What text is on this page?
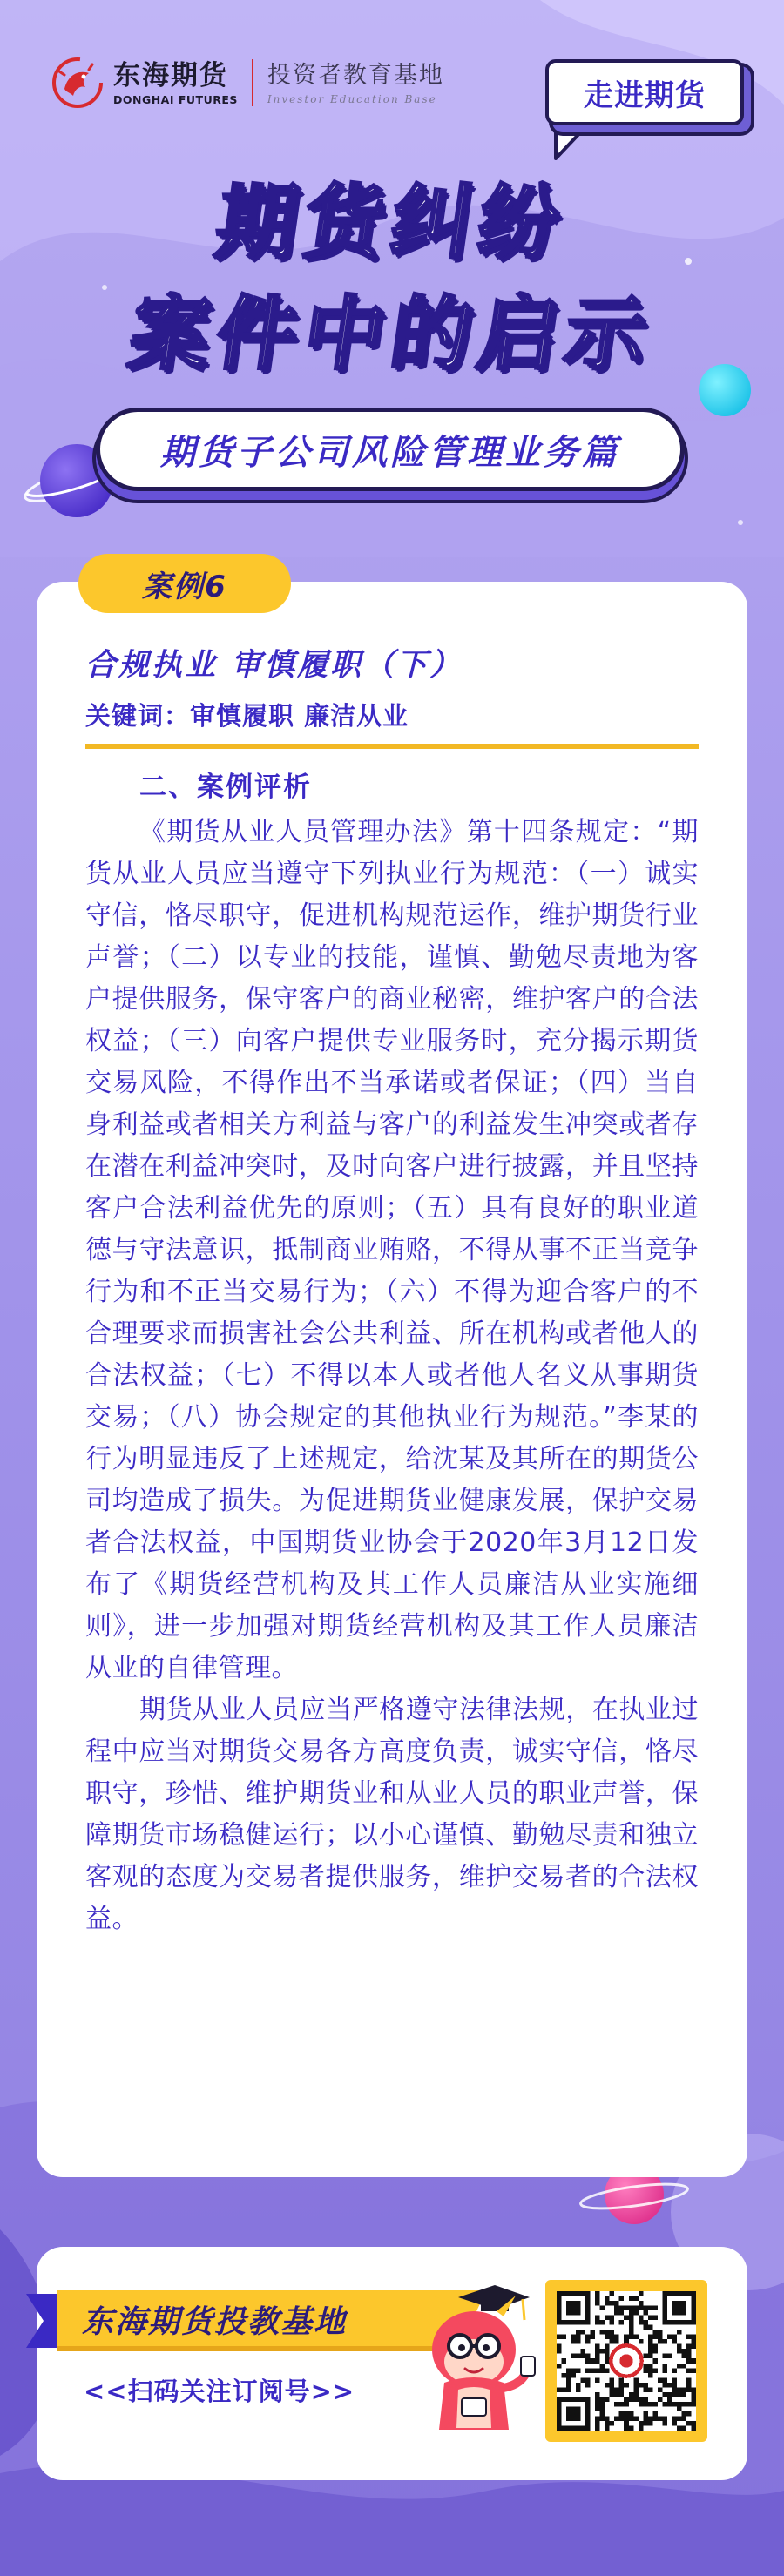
东海期货
DONGHAI FUTURES
投资者教育基地
Investor Education Base	走进期货
期货纠纷
案件中的启示
期货子公司风险管理业务篇
案例6
合规执业 审慎履职（下）
关键词：审慎履职 廉洁从业

二、案例评析

《期货从业人员管理办法》第十四条规定：“期货从业人员应当遵守下列执业行为规范：（一）诚实守信，恪尽职守，促进机构规范运作，维护期货行业声誉；（二）以专业的技能，谨慎、勤勉尽责地为客户提供服务，保守客户的商业秘密，维护客户的合法权益；（三）向客户提供专业服务时，充分揭示期货交易风险，不得作出不当承诺或者保证；（四）当自身利益或者相关方利益与客户的利益发生冲突或者存在潜在利益冲突时，及时向客户进行披露，并且坚持客户合法利益优先的原则；（五）具有良好的职业道德与守法意识，抵制商业贿赂，不得从事不正当竞争行为和不正当交易行为；（六）不得为迎合客户的不合理要求而损害社会公共利益、所在机构或者他人的合法权益；（七）不得以本人或者他人名义从事期货交易；（八）协会规定的其他执业行为规范。”李某的行为明显违反了上述规定，给沈某及其所在的期货公司均造成了损失。为促进期货业健康发展，保护交易者合法权益，中国期货业协会于2020年3月12日发布了《期货经营机构及其工作人员廉洁从业实施细则》，进一步加强对期货经营机构及其工作人员廉洁从业的自律管理。

期货从业人员应当严格遵守法律法规，在执业过程中应当对期货交易各方高度负责，诚实守信，恪尽职守，珍惜、维护期货业和从业人员的职业声誉，保障期货市场稳健运行；以小心谨慎、勤勉尽责和独立客观的态度为交易者提供服务，维护交易者的合法权益。

东海期货投教基地
<<扫码关注订阅号>>
